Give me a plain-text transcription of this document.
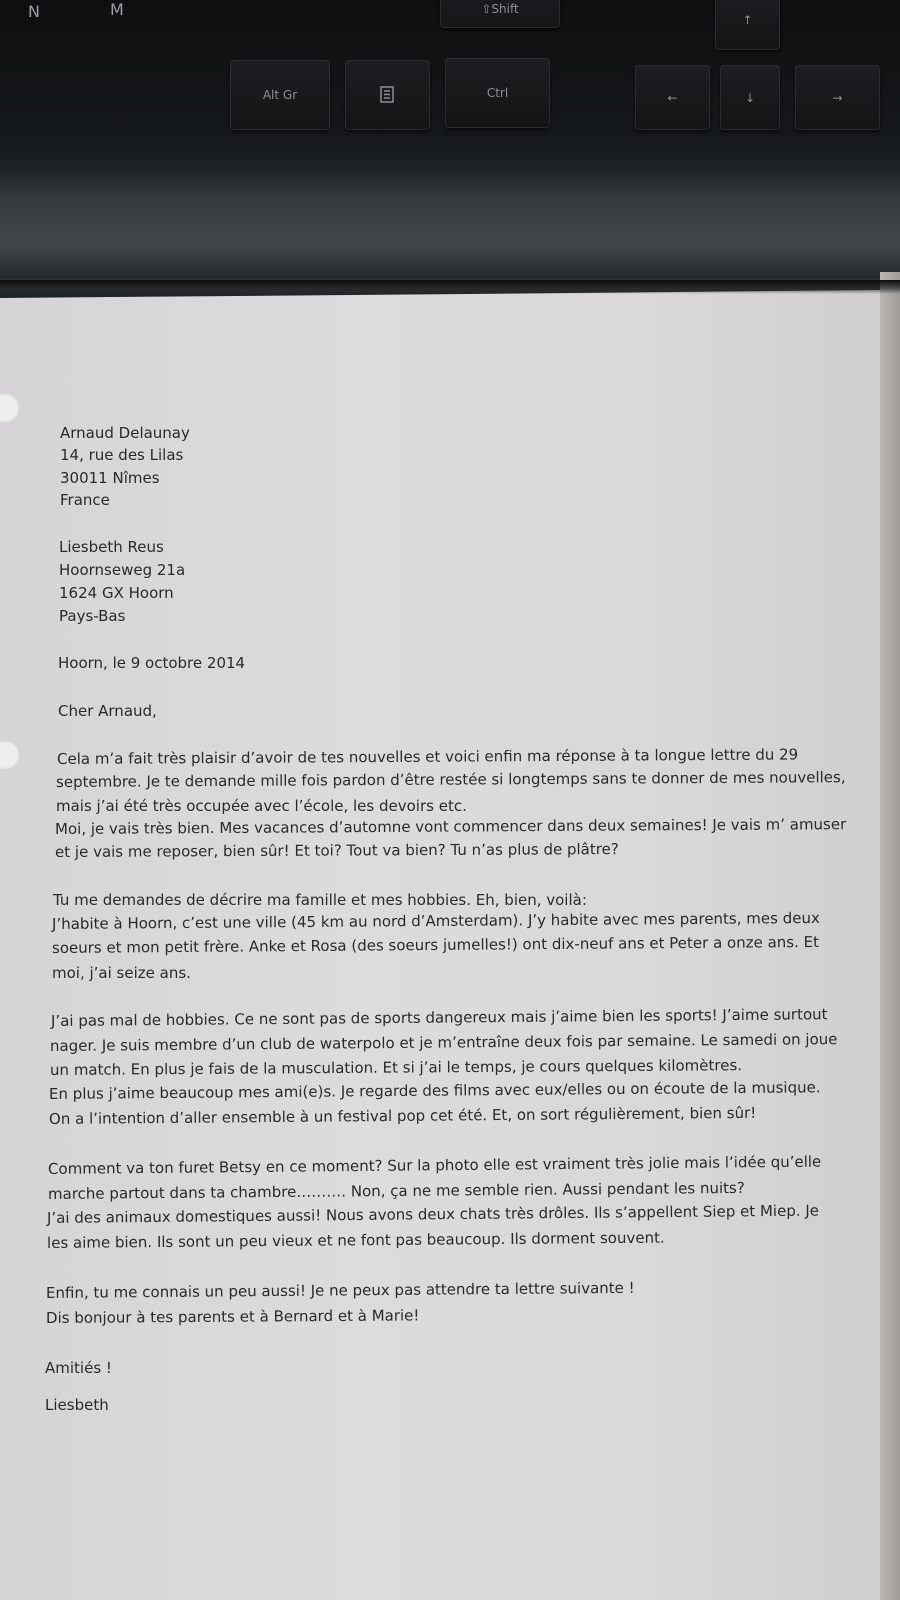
N	M	⇧Shift
Alt Gr	Ctrl
↑
←	↓	→
Arnaud Delaunay
14, rue des Lilas
30011 Nîmes
France
Liesbeth Reus
Hoornseweg 21a
1624 GX Hoorn
Pays-Bas
Hoorn, le 9 octobre 2014
Cher Arnaud,
Cela m’a fait très plaisir d’avoir de tes nouvelles et voici enfin ma réponse à ta longue lettre du 29
septembre. Je te demande mille fois pardon d’être restée si longtemps sans te donner de mes nouvelles,
mais j’ai été très occupée avec l’école, les devoirs etc.
Moi, je vais très bien. Mes vacances d’automne vont commencer dans deux semaines! Je vais m’ amuser
et je vais me reposer, bien sûr! Et toi? Tout va bien? Tu n’as plus de plâtre?
Tu me demandes de décrire ma famille et mes hobbies. Eh, bien, voilà:
J’habite à Hoorn, c’est une ville (45 km au nord d’Amsterdam). J’y habite avec mes parents, mes deux
soeurs et mon petit frère. Anke et Rosa (des soeurs jumelles!) ont dix-neuf ans et Peter a onze ans. Et
moi, j’ai seize ans.
J’ai pas mal de hobbies. Ce ne sont pas de sports dangereux mais j’aime bien les sports! J’aime surtout
nager. Je suis membre d’un club de waterpolo et je m’entraîne deux fois par semaine. Le samedi on joue
un match. En plus je fais de la musculation. Et si j’ai le temps, je cours quelques kilomètres.
En plus j’aime beaucoup mes ami(e)s. Je regarde des films avec eux/elles ou on écoute de la musique.
On a l’intention d’aller ensemble à un festival pop cet été. Et, on sort régulièrement, bien sûr!
Comment va ton furet Betsy en ce moment? Sur la photo elle est vraiment très jolie mais l’idée qu’elle
marche partout dans ta chambre………. Non, ça ne me semble rien. Aussi pendant les nuits?
J’ai des animaux domestiques aussi! Nous avons deux chats très drôles. Ils s’appellent Siep et Miep. Je
les aime bien. Ils sont un peu vieux et ne font pas beaucoup. Ils dorment souvent.
Enfin, tu me connais un peu aussi! Je ne peux pas attendre ta lettre suivante !
Dis bonjour à tes parents et à Bernard et à Marie!
Amitiés !
Liesbeth
